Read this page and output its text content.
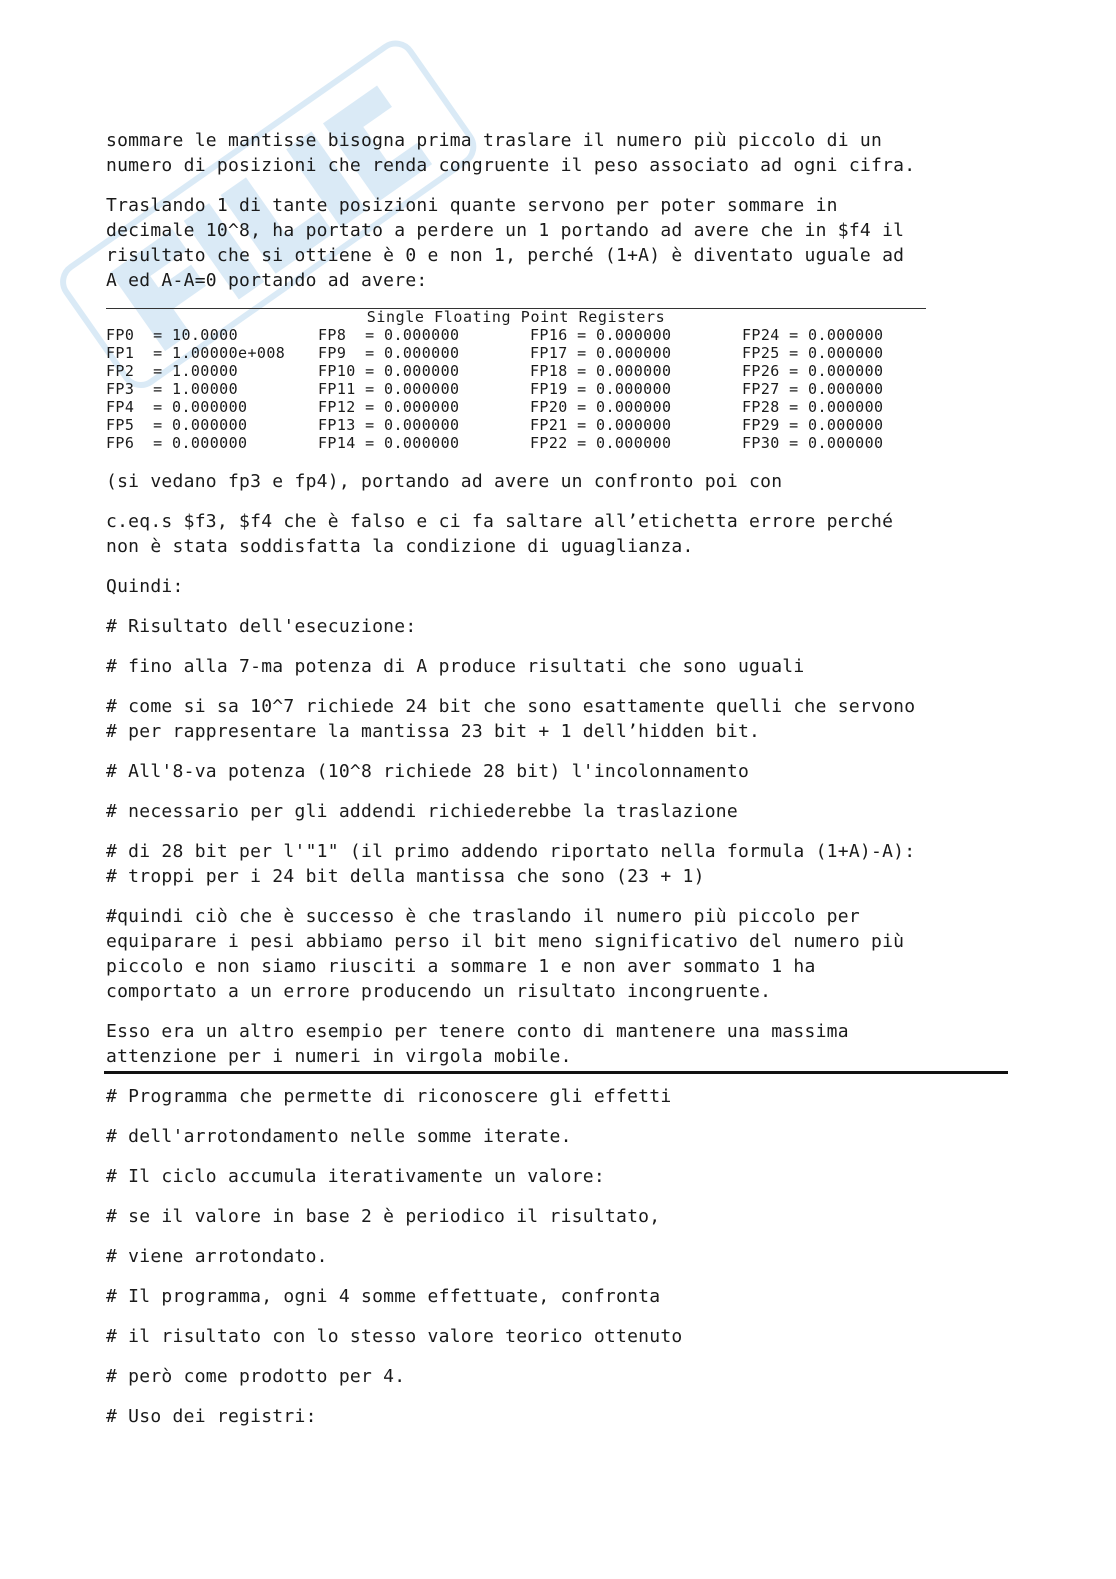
sommare le mantisse bisogna prima traslare il numero più piccolo di un
numero di posizioni che renda congruente il peso associato ad ogni cifra.

Traslando 1 di tante posizioni quante servono per poter sommare in
decimale 10^8, ha portato a perdere un 1 portando ad avere che in $f4 il
risultato che si ottiene è 0 e non 1, perché (1+A) è diventato uguale ad
A ed A-A=0 portando ad avere:

Single Floating Point Registers
FP0  = 10.0000	FP8  = 0.000000	FP16 = 0.000000	FP24 = 0.000000
FP1  = 1.00000e+008	FP9  = 0.000000	FP17 = 0.000000	FP25 = 0.000000
FP2  = 1.00000	FP10 = 0.000000	FP18 = 0.000000	FP26 = 0.000000
FP3  = 1.00000	FP11 = 0.000000	FP19 = 0.000000	FP27 = 0.000000
FP4  = 0.000000	FP12 = 0.000000	FP20 = 0.000000	FP28 = 0.000000
FP5  = 0.000000	FP13 = 0.000000	FP21 = 0.000000	FP29 = 0.000000
FP6  = 0.000000	FP14 = 0.000000	FP22 = 0.000000	FP30 = 0.000000

(si vedano fp3 e fp4), portando ad avere un confronto poi con

c.eq.s $f3, $f4 che è falso e ci fa saltare all’etichetta errore perché
non è stata soddisfatta la condizione di uguaglianza.

Quindi:

# Risultato dell'esecuzione:

# fino alla 7-ma potenza di A produce risultati che sono uguali

# come si sa 10^7 richiede 24 bit che sono esattamente quelli che servono
# per rappresentare la mantissa 23 bit + 1 dell’hidden bit.

# All'8-va potenza (10^8 richiede 28 bit) l'incolonnamento

# necessario per gli addendi richiederebbe la traslazione

# di 28 bit per l'"1" (il primo addendo riportato nella formula (1+A)-A):
# troppi per i 24 bit della mantissa che sono (23 + 1)

#quindi ciò che è successo è che traslando il numero più piccolo per
equiparare i pesi abbiamo perso il bit meno significativo del numero più
piccolo e non siamo riusciti a sommare 1 e non aver sommato 1 ha
comportato a un errore producendo un risultato incongruente.

Esso era un altro esempio per tenere conto di mantenere una massima
attenzione per i numeri in virgola mobile.

# Programma che permette di riconoscere gli effetti

# dell'arrotondamento nelle somme iterate.

# Il ciclo accumula iterativamente un valore:

# se il valore in base 2 è periodico il risultato,

# viene arrotondato.

# Il programma, ogni 4 somme effettuate, confronta

# il risultato con lo stesso valore teorico ottenuto

# però come prodotto per 4.

# Uso dei registri:
